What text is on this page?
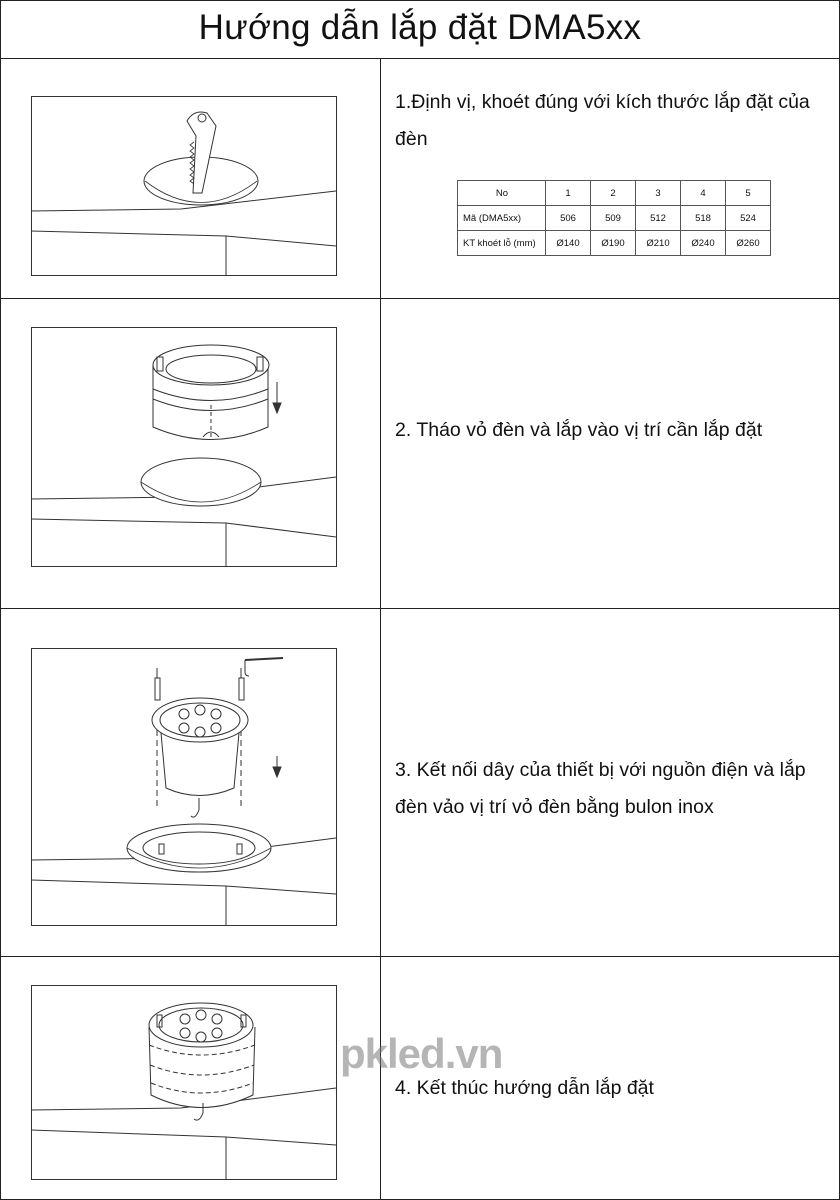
Hướng dẫn lắp đặt DMA5xx
1.Định vị, khoét đúng với kích thước lắp đặt của đèn
No	1	2	3	4	5
Mã (DMA5xx)	506	509	512	518	524
KT khoét lỗ (mm)	Ø140	Ø190	Ø210	Ø240	Ø260
2. Tháo vỏ đèn và lắp vào vị trí cần lắp đặt
3. Kết nối dây của thiết bị với nguồn điện và lắp đèn vảo vị trí vỏ đèn bằng bulon inox
4. Kết thúc hướng dẫn lắp đặt
pkled.vn
